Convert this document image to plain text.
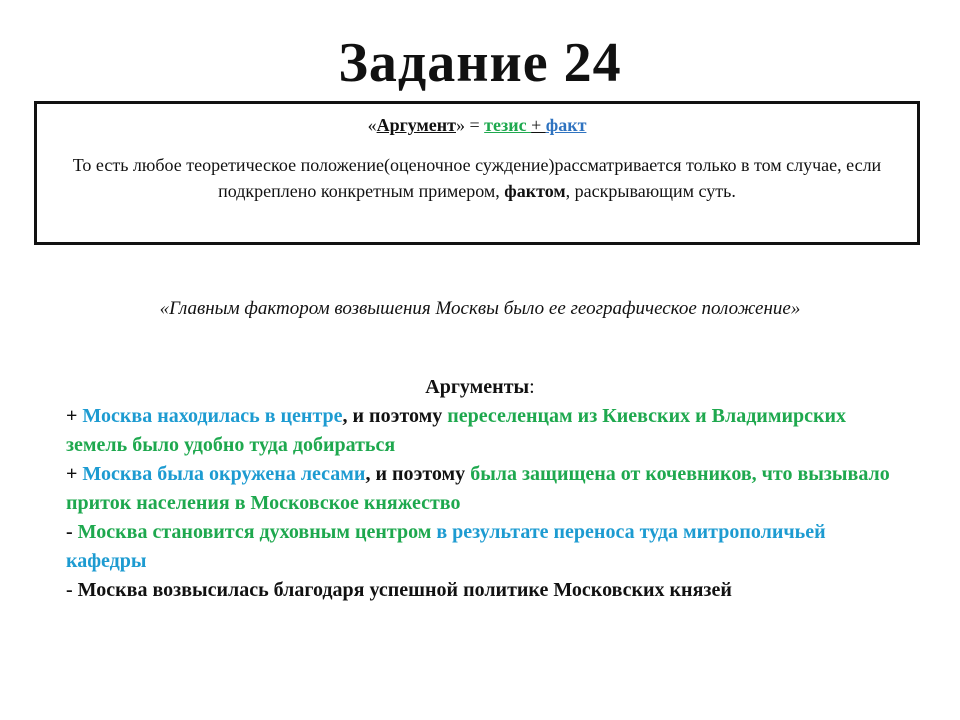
Задание 24
«Аргумент» = тезис + факт
То есть любое теоретическое положение(оценочное суждение)рассматривается только в том случае, если подкреплено конкретным примером, фактом, раскрывающим суть.
«Главным фактором возвышения Москвы было ее географическое положение»
Аргументы:

+ Москва находилась в центре, и поэтому переселенцам из Киевских и Владимирских земель было удобно туда добираться

+ Москва была окружена лесами, и поэтому была защищена от кочевников, что вызывало приток населения в Московское княжество

- Москва становится духовным центром в результате переноса туда митрополичьей кафедры

- Москва возвысилась благодаря успешной политике Московских князей
